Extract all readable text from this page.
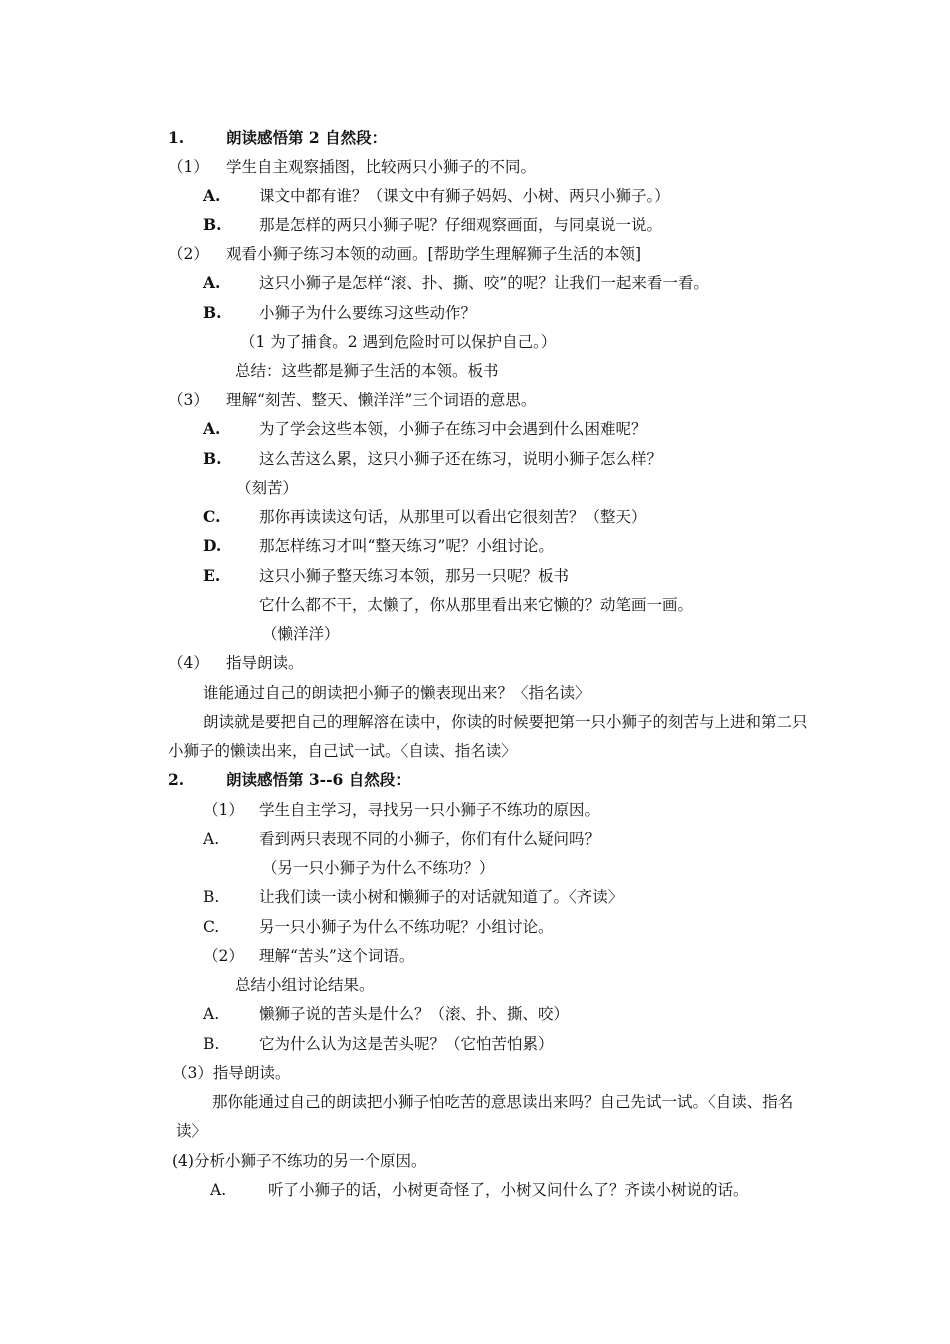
1.	朗读感悟第 2 自然段：
（1） 学生自主观察插图，比较两只小狮子的不同。
A. 课文中都有谁？（课文中有狮子妈妈、小树、两只小狮子。）
B. 那是怎样的两只小狮子呢？仔细观察画面，与同桌说一说。
（2） 观看小狮子练习本领的动画。[帮助学生理解狮子生活的本领]
A. 这只小狮子是怎样“滚、扑、撕、咬”的呢？让我们一起来看一看。
B. 小狮子为什么要练习这些动作？
（1 为了捕食。2 遇到危险时可以保护自己。）
总结：这些都是狮子生活的本领。板书
（3） 理解“刻苦、整天、懒洋洋”三个词语的意思。
A. 为了学会这些本领，小狮子在练习中会遇到什么困难呢？
B. 这么苦这么累，这只小狮子还在练习，说明小狮子怎么样？
（刻苦）
C. 那你再读读这句话，从那里可以看出它很刻苦？（整天）
D. 那怎样练习才叫“整天练习”呢？小组讨论。
E.	这只小狮子整天练习本领，那另一只呢？板书
它什么都不干，太懒了，你从那里看出来它懒的？动笔画一画。
（懒洋洋）
（4） 指导朗读。
谁能通过自己的朗读把小狮子的懒表现出来？〈指名读〉
朗读就是要把自己的理解溶在读中，你读的时候要把第一只小狮子的刻苦与上进和第二只
小狮子的懒读出来，自己试一试。〈自读、指名读〉
2.	朗读感悟第 3--6 自然段：
（1） 学生自主学习，寻找另一只小狮子不练功的原因。
A.	看到两只表现不同的小狮子，你们有什么疑问吗？
（另一只小狮子为什么不练功？）
B.	让我们读一读小树和懒狮子的对话就知道了。〈齐读〉
C.	另一只小狮子为什么不练功呢？小组讨论。
（2） 理解“苦头”这个词语。
总结小组讨论结果。
A.	懒狮子说的苦头是什么？（滚、扑、撕、咬）
B.	它为什么认为这是苦头呢？（它怕苦怕累）
（3）指导朗读。
那你能通过自己的朗读把小狮子怕吃苦的意思读出来吗？自己先试一试。〈自读、指名
读〉
(4)分析小狮子不练功的另一个原因。
A.	听了小狮子的话，小树更奇怪了，小树又问什么了？齐读小树说的话。
